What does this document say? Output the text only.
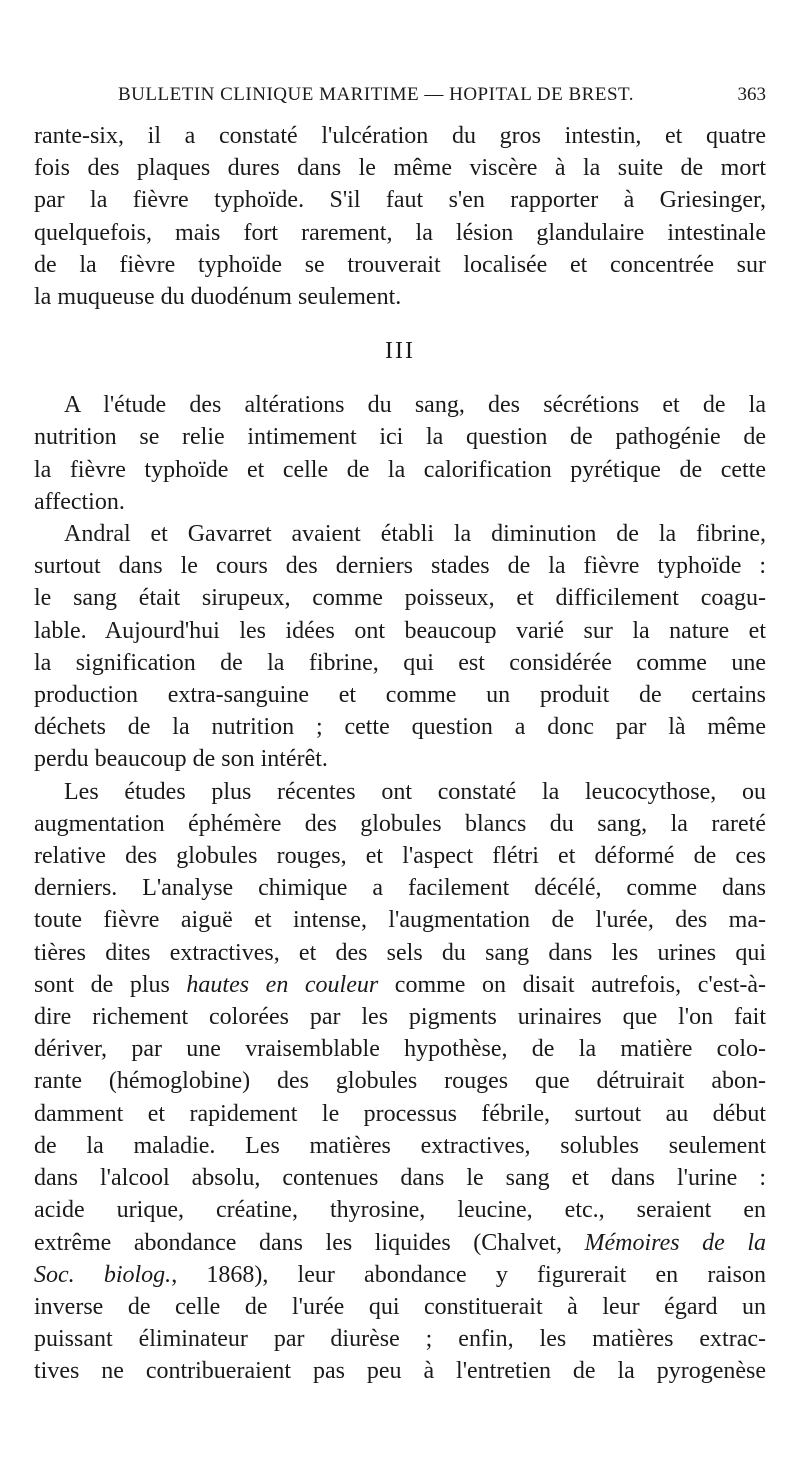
BULLETIN CLINIQUE MARITIME — HOPITAL DE BREST.	363

rante-six, il a constaté l'ulcération du gros intestin, et quatre
fois des plaques dures dans le même viscère à la suite de mort
par la fièvre typhoïde. S'il faut s'en rapporter à Griesinger,
quelquefois, mais fort rarement, la lésion glandulaire intestinale
de la fièvre typhoïde se trouverait localisée et concentrée sur
la muqueuse du duodénum seulement.

III

A l'étude des altérations du sang, des sécrétions et de la
nutrition se relie intimement ici la question de pathogénie de
la fièvre typhoïde et celle de la calorification pyrétique de cette
affection.

Andral et Gavarret avaient établi la diminution de la fibrine,
surtout dans le cours des derniers stades de la fièvre typhoïde :
le sang était sirupeux, comme poisseux, et difficilement coagu-
lable. Aujourd'hui les idées ont beaucoup varié sur la nature et
la signification de la fibrine, qui est considérée comme une
production extra-sanguine et comme un produit de certains
déchets de la nutrition ; cette question a donc par là même
perdu beaucoup de son intérêt.

Les études plus récentes ont constaté la leucocythose, ou
augmentation éphémère des globules blancs du sang, la rareté
relative des globules rouges, et l'aspect flétri et déformé de ces
derniers. L'analyse chimique a facilement décélé, comme dans
toute fièvre aiguë et intense, l'augmentation de l'urée, des ma-
tières dites extractives, et des sels du sang dans les urines qui
sont de plus hautes en couleur comme on disait autrefois, c'est-à-
dire richement colorées par les pigments urinaires que l'on fait
dériver, par une vraisemblable hypothèse, de la matière colo-
rante (hémoglobine) des globules rouges que détruirait abon-
damment et rapidement le processus fébrile, surtout au début
de la maladie. Les matières extractives, solubles seulement
dans l'alcool absolu, contenues dans le sang et dans l'urine :
acide urique, créatine, thyrosine, leucine, etc., seraient en
extrême abondance dans les liquides (Chalvet, Mémoires de la
Soc. biolog., 1868), leur abondance y figurerait en raison
inverse de celle de l'urée qui constituerait à leur égard un
puissant éliminateur par diurèse ; enfin, les matières extrac-
tives ne contribueraient pas peu à l'entretien de la pyrogenèse
